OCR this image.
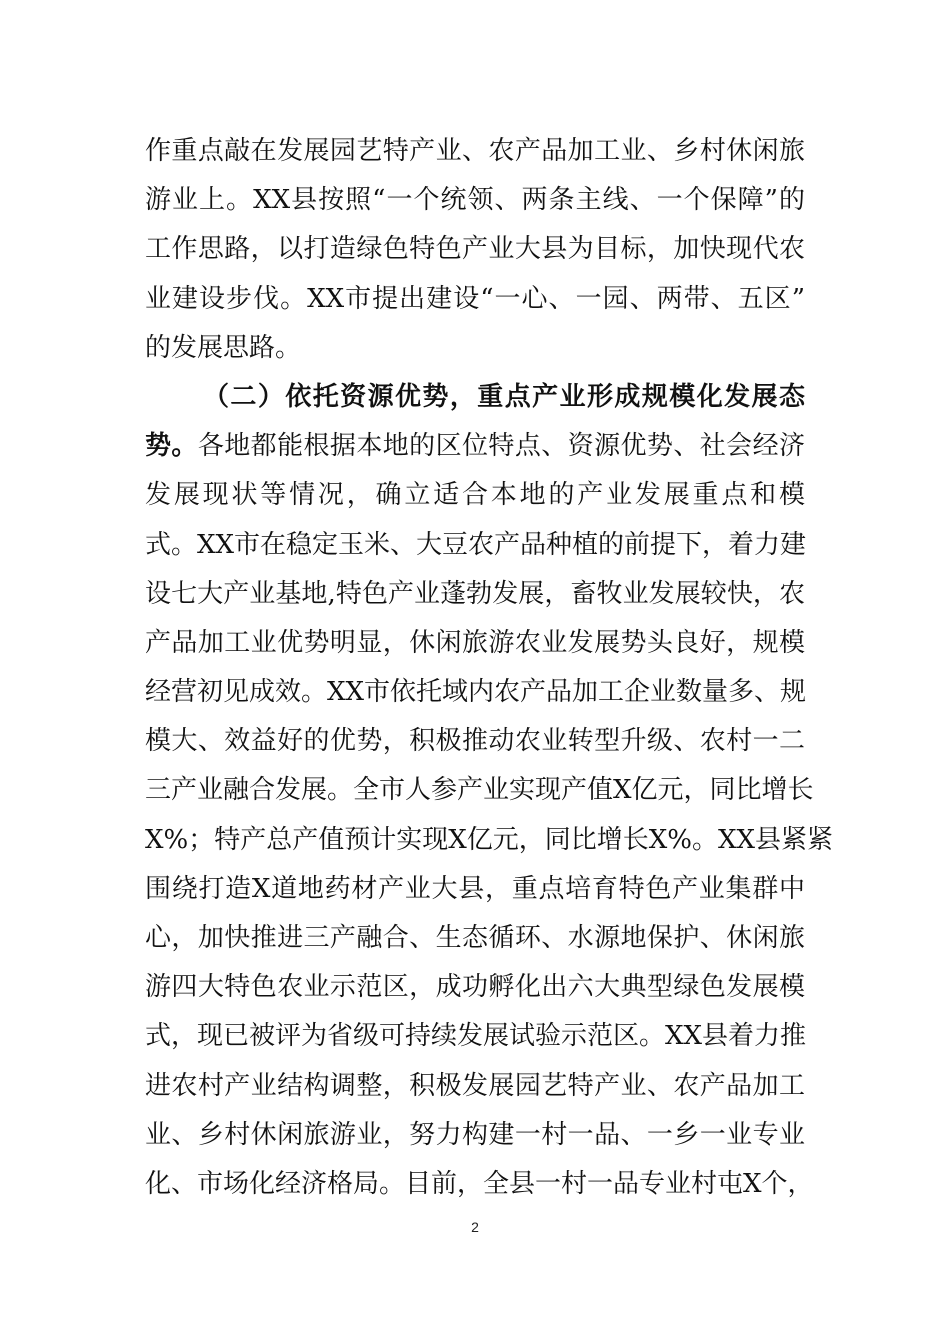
作重点敲在发展园艺特产业、农产品加工业、乡村休闲旅
游业上。XX县按照“一个统领、两条主线、一个保障”的
工作思路，以打造绿色特色产业大县为目标，加快现代农
业建设步伐。XX市提出建设“一心、一园、两带、五区”
的发展思路。
（二）依托资源优势，重点产业形成规模化发展态
势。各地都能根据本地的区位特点、资源优势、社会经济
发展现状等情况，确立适合本地的产业发展重点和模
式。XX市在稳定玉米、大豆农产品种植的前提下，着力建
设七大产业基地,特色产业蓬勃发展，畜牧业发展较快，农
产品加工业优势明显，休闲旅游农业发展势头良好，规模
经营初见成效。XX市依托域内农产品加工企业数量多、规
模大、效益好的优势，积极推动农业转型升级、农村一二
三产业融合发展。全市人参产业实现产值X亿元，同比增长
X%；特产总产值预计实现X亿元，同比增长X%。XX县紧紧
围绕打造X道地药材产业大县，重点培育特色产业集群中
心，加快推进三产融合、生态循环、水源地保护、休闲旅
游四大特色农业示范区，成功孵化出六大典型绿色发展模
式，现已被评为省级可持续发展试验示范区。XX县着力推
进农村产业结构调整，积极发展园艺特产业、农产品加工
业、乡村休闲旅游业，努力构建一村一品、一乡一业专业
化、市场化经济格局。目前，全县一村一品专业村屯X个，
2
